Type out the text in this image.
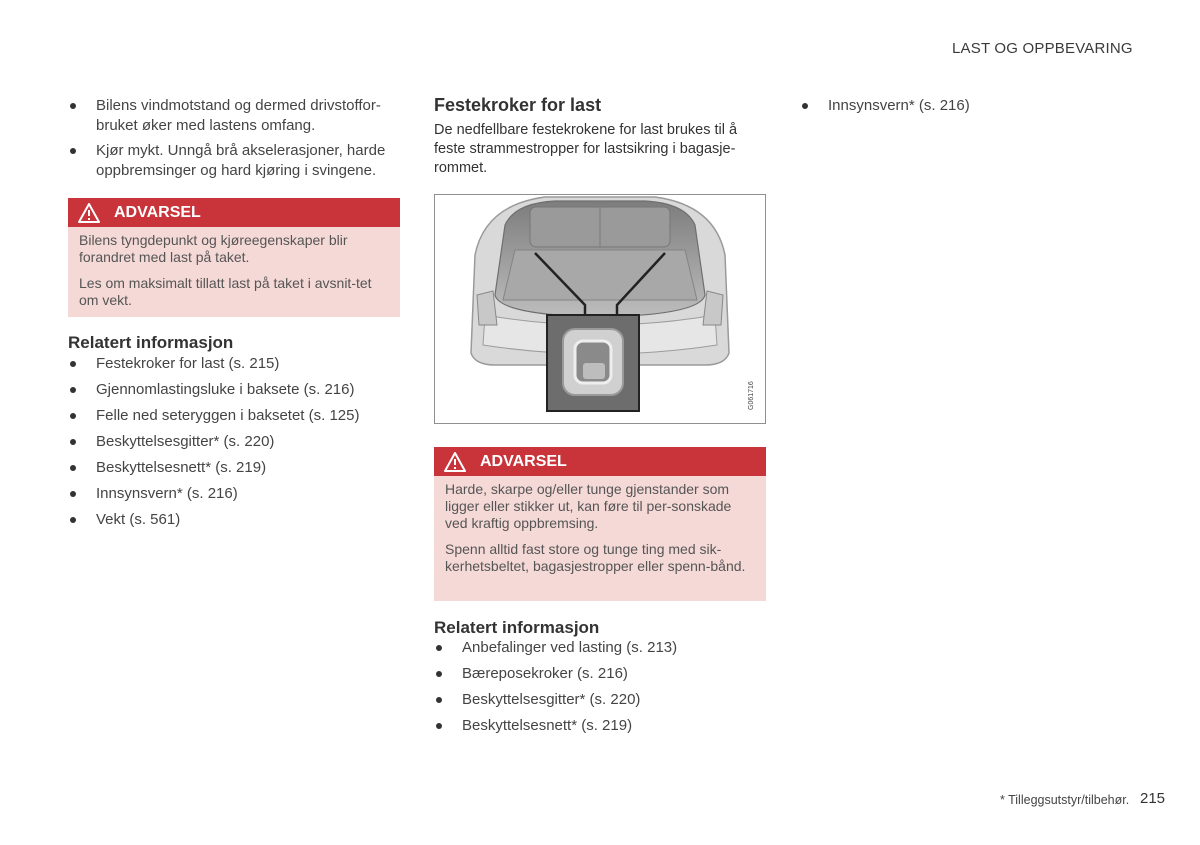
LAST OG OPPBEVARING
Bilens vindmotstand og dermed drivstoffor-bruket øker med lastens omfang.
Kjør mykt. Unngå brå akselerasjoner, harde oppbremsinger og hard kjøring i svingene.
ADVARSEL

Bilens tyngdepunkt og kjøreegenskaper blir forandret med last på taket.

Les om maksimalt tillatt last på taket i avsnit-tet om vekt.

Relatert informasjon
Festekroker for last (s. 215)
Gjennomlastingsluke i baksete (s. 216)
Felle ned seteryggen i baksetet (s. 125)
Beskyttelsesgitter* (s. 220)
Beskyttelsesnett* (s. 219)
Innsynsvern* (s. 216)
Vekt (s. 561)
Festekroker for last
De nedfellbare festekrokene for last brukes til å feste strammestropper for lastsikring i bagasje-rommet.
G061716
ADVARSEL

Harde, skarpe og/eller tunge gjenstander som ligger eller stikker ut, kan føre til per-sonskade ved kraftig oppbremsing.

Spenn alltid fast store og tunge ting med sik-kerhetsbeltet, bagasjestropper eller spenn-bånd.

Relatert informasjon
Anbefalinger ved lasting (s. 213)
Bæreposekroker (s. 216)
Beskyttelsesgitter* (s. 220)
Beskyttelsesnett* (s. 219)
Innsynsvern* (s. 216)
* Tilleggsutstyr/tilbehør. 215
